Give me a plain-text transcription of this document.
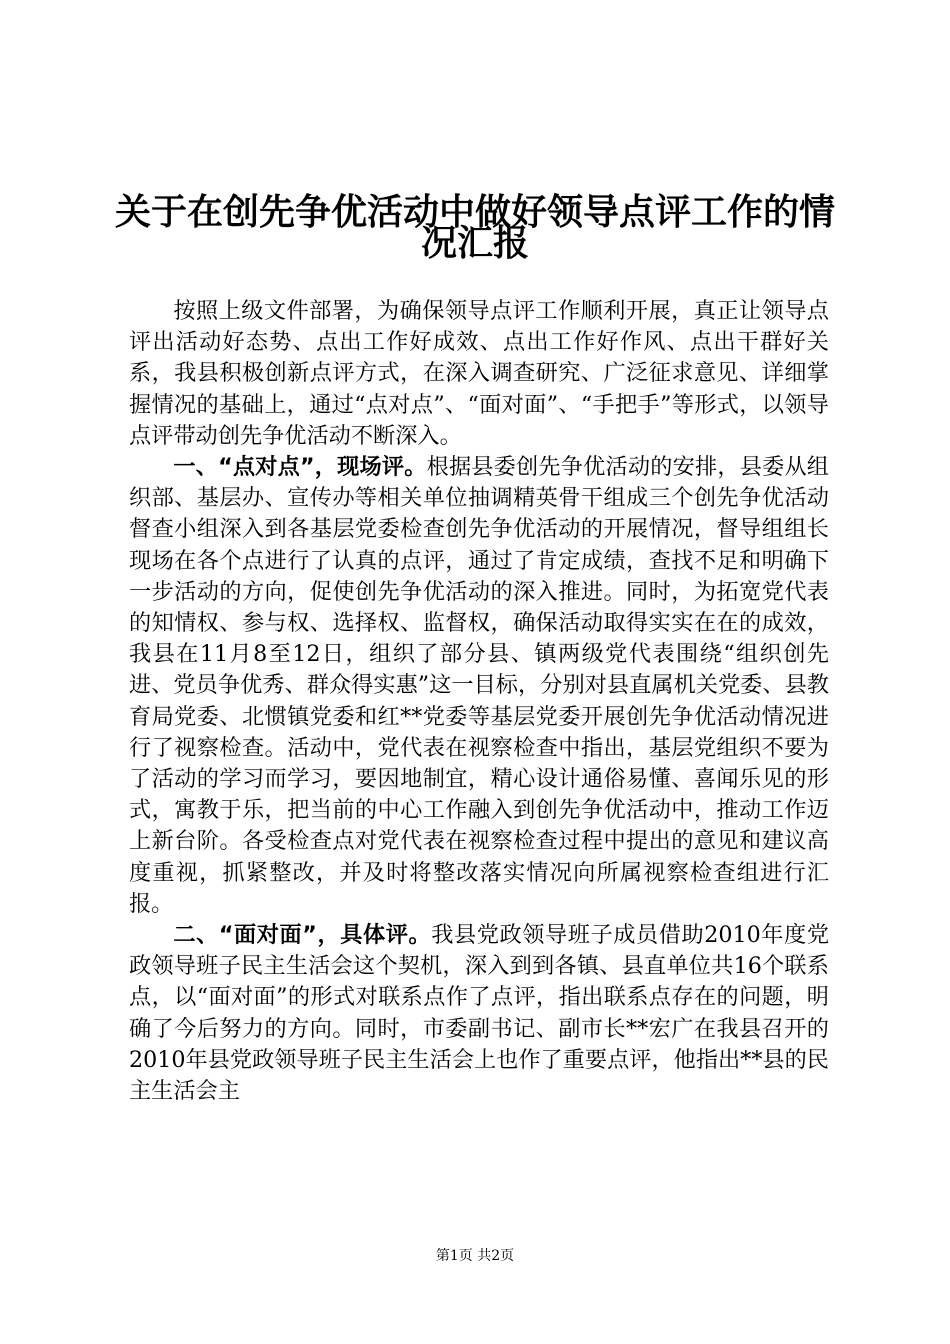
关于在创先争优活动中做好领导点评工作的情
况汇报

按照上级文件部署，为确保领导点评工作顺利开展，真正让领导点评出活动好态势、点出工作好成效、点出工作好作风、点出干群好关系，我县积极创新点评方式，在深入调查研究、广泛征求意见、详细掌握情况的基础上，通过“点对点”、“面对面”、“手把手”等形式，以领导点评带动创先争优活动不断深入。

一、“点对点”，现场评。根据县委创先争优活动的安排，县委从组织部、基层办、宣传办等相关单位抽调精英骨干组成三个创先争优活动督查小组深入到各基层党委检查创先争优活动的开展情况，督导组组长现场在各个点进行了认真的点评，通过了肯定成绩，查找不足和明确下一步活动的方向，促使创先争优活动的深入推进。同时，为拓宽党代表的知情权、参与权、选择权、监督权，确保活动取得实实在在的成效，我县在11月8至12日，组织了部分县、镇两级党代表围绕“组织创先进、党员争优秀、群众得实惠”这一目标，分别对县直属机关党委、县教育局党委、北惯镇党委和红**党委等基层党委开展创先争优活动情况进行了视察检查。活动中，党代表在视察检查中指出，基层党组织不要为了活动的学习而学习，要因地制宜，精心设计通俗易懂、喜闻乐见的形式，寓教于乐，把当前的中心工作融入到创先争优活动中，推动工作迈上新台阶。各受检查点对党代表在视察检查过程中提出的意见和建议高度重视，抓紧整改，并及时将整改落实情况向所属视察检查组进行汇报。

二、“面对面”，具体评。我县党政领导班子成员借助2010年度党政领导班子民主生活会这个契机，深入到到各镇、县直单位共16个联系点，以“面对面”的形式对联系点作了点评，指出联系点存在的问题，明确了今后努力的方向。同时，市委副书记、副市长**宏广在我县召开的2010年县党政领导班子民主生活会上也作了重要点评，他指出**县的民主生活会主

第1页 共2页
